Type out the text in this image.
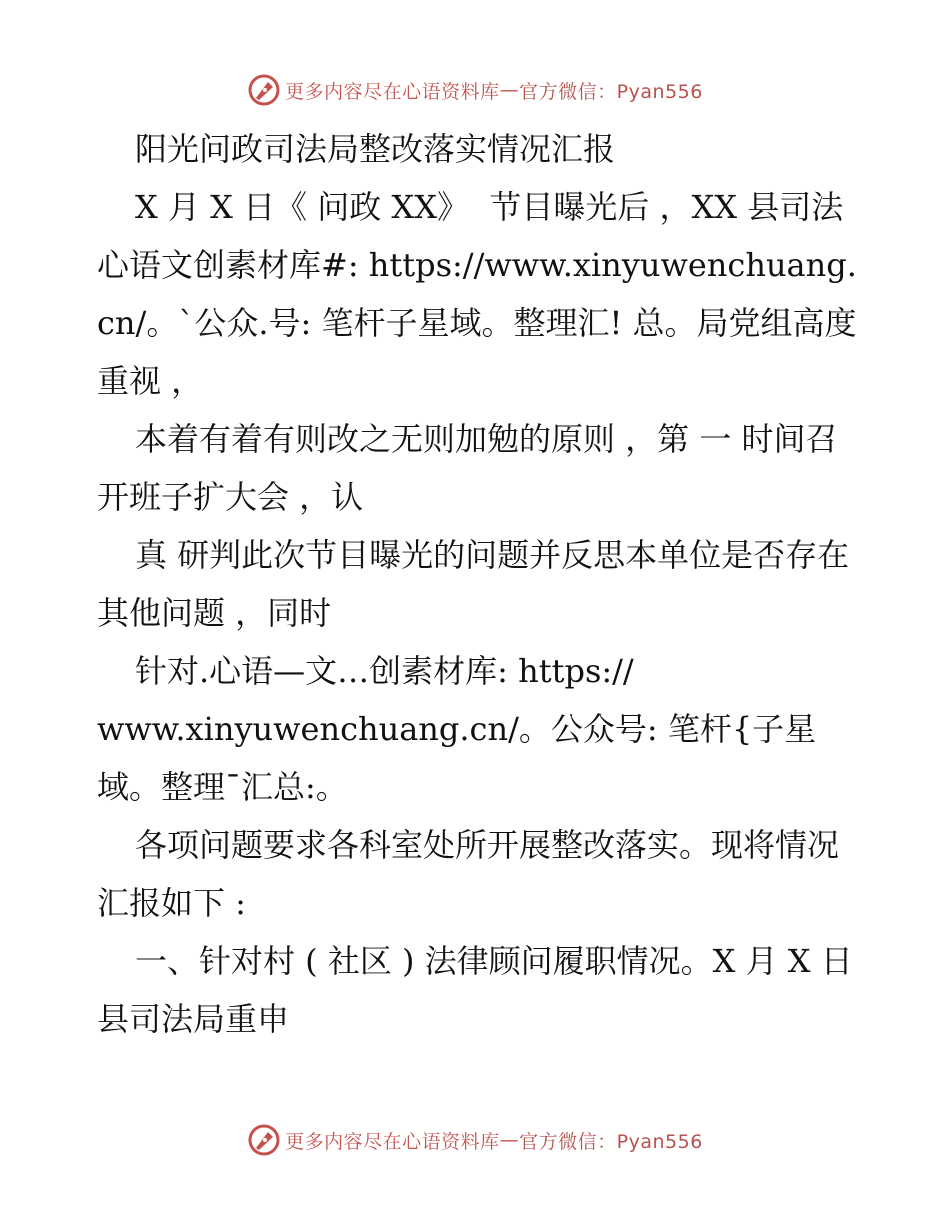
更多内容尽在心语资料库 — 官方微信：Pyan556

阳光问政司法局整改落实情况汇报

X 月 X 日《 问政 XX》  节目曝光后 ，XX 县司法心语文创素材库#: https://www.xinyuwenchuang.cn/。`公众.号: 笔杆子星域。整理汇! 总。局党组高度重视 ，

本着有着有则改之无则加勉的原则 ，第 一 时间召开班子扩大会 ，认

真 研判此次节目曝光的问题并反思本单位是否存在其他问题 ，同时

针对.心语—文…创素材库: https://
www.xinyuwenchuang.cn/。公众号: 笔杆{子星域。整理¯汇总:。

各项问题要求各科室处所开展整改落实。现将情况汇报如下 :

一、针对村 ( 社区 ) 法律顾问履职情况。X 月 X 日县司法局重申

更多内容尽在心语资料库 — 官方微信：Pyan556
